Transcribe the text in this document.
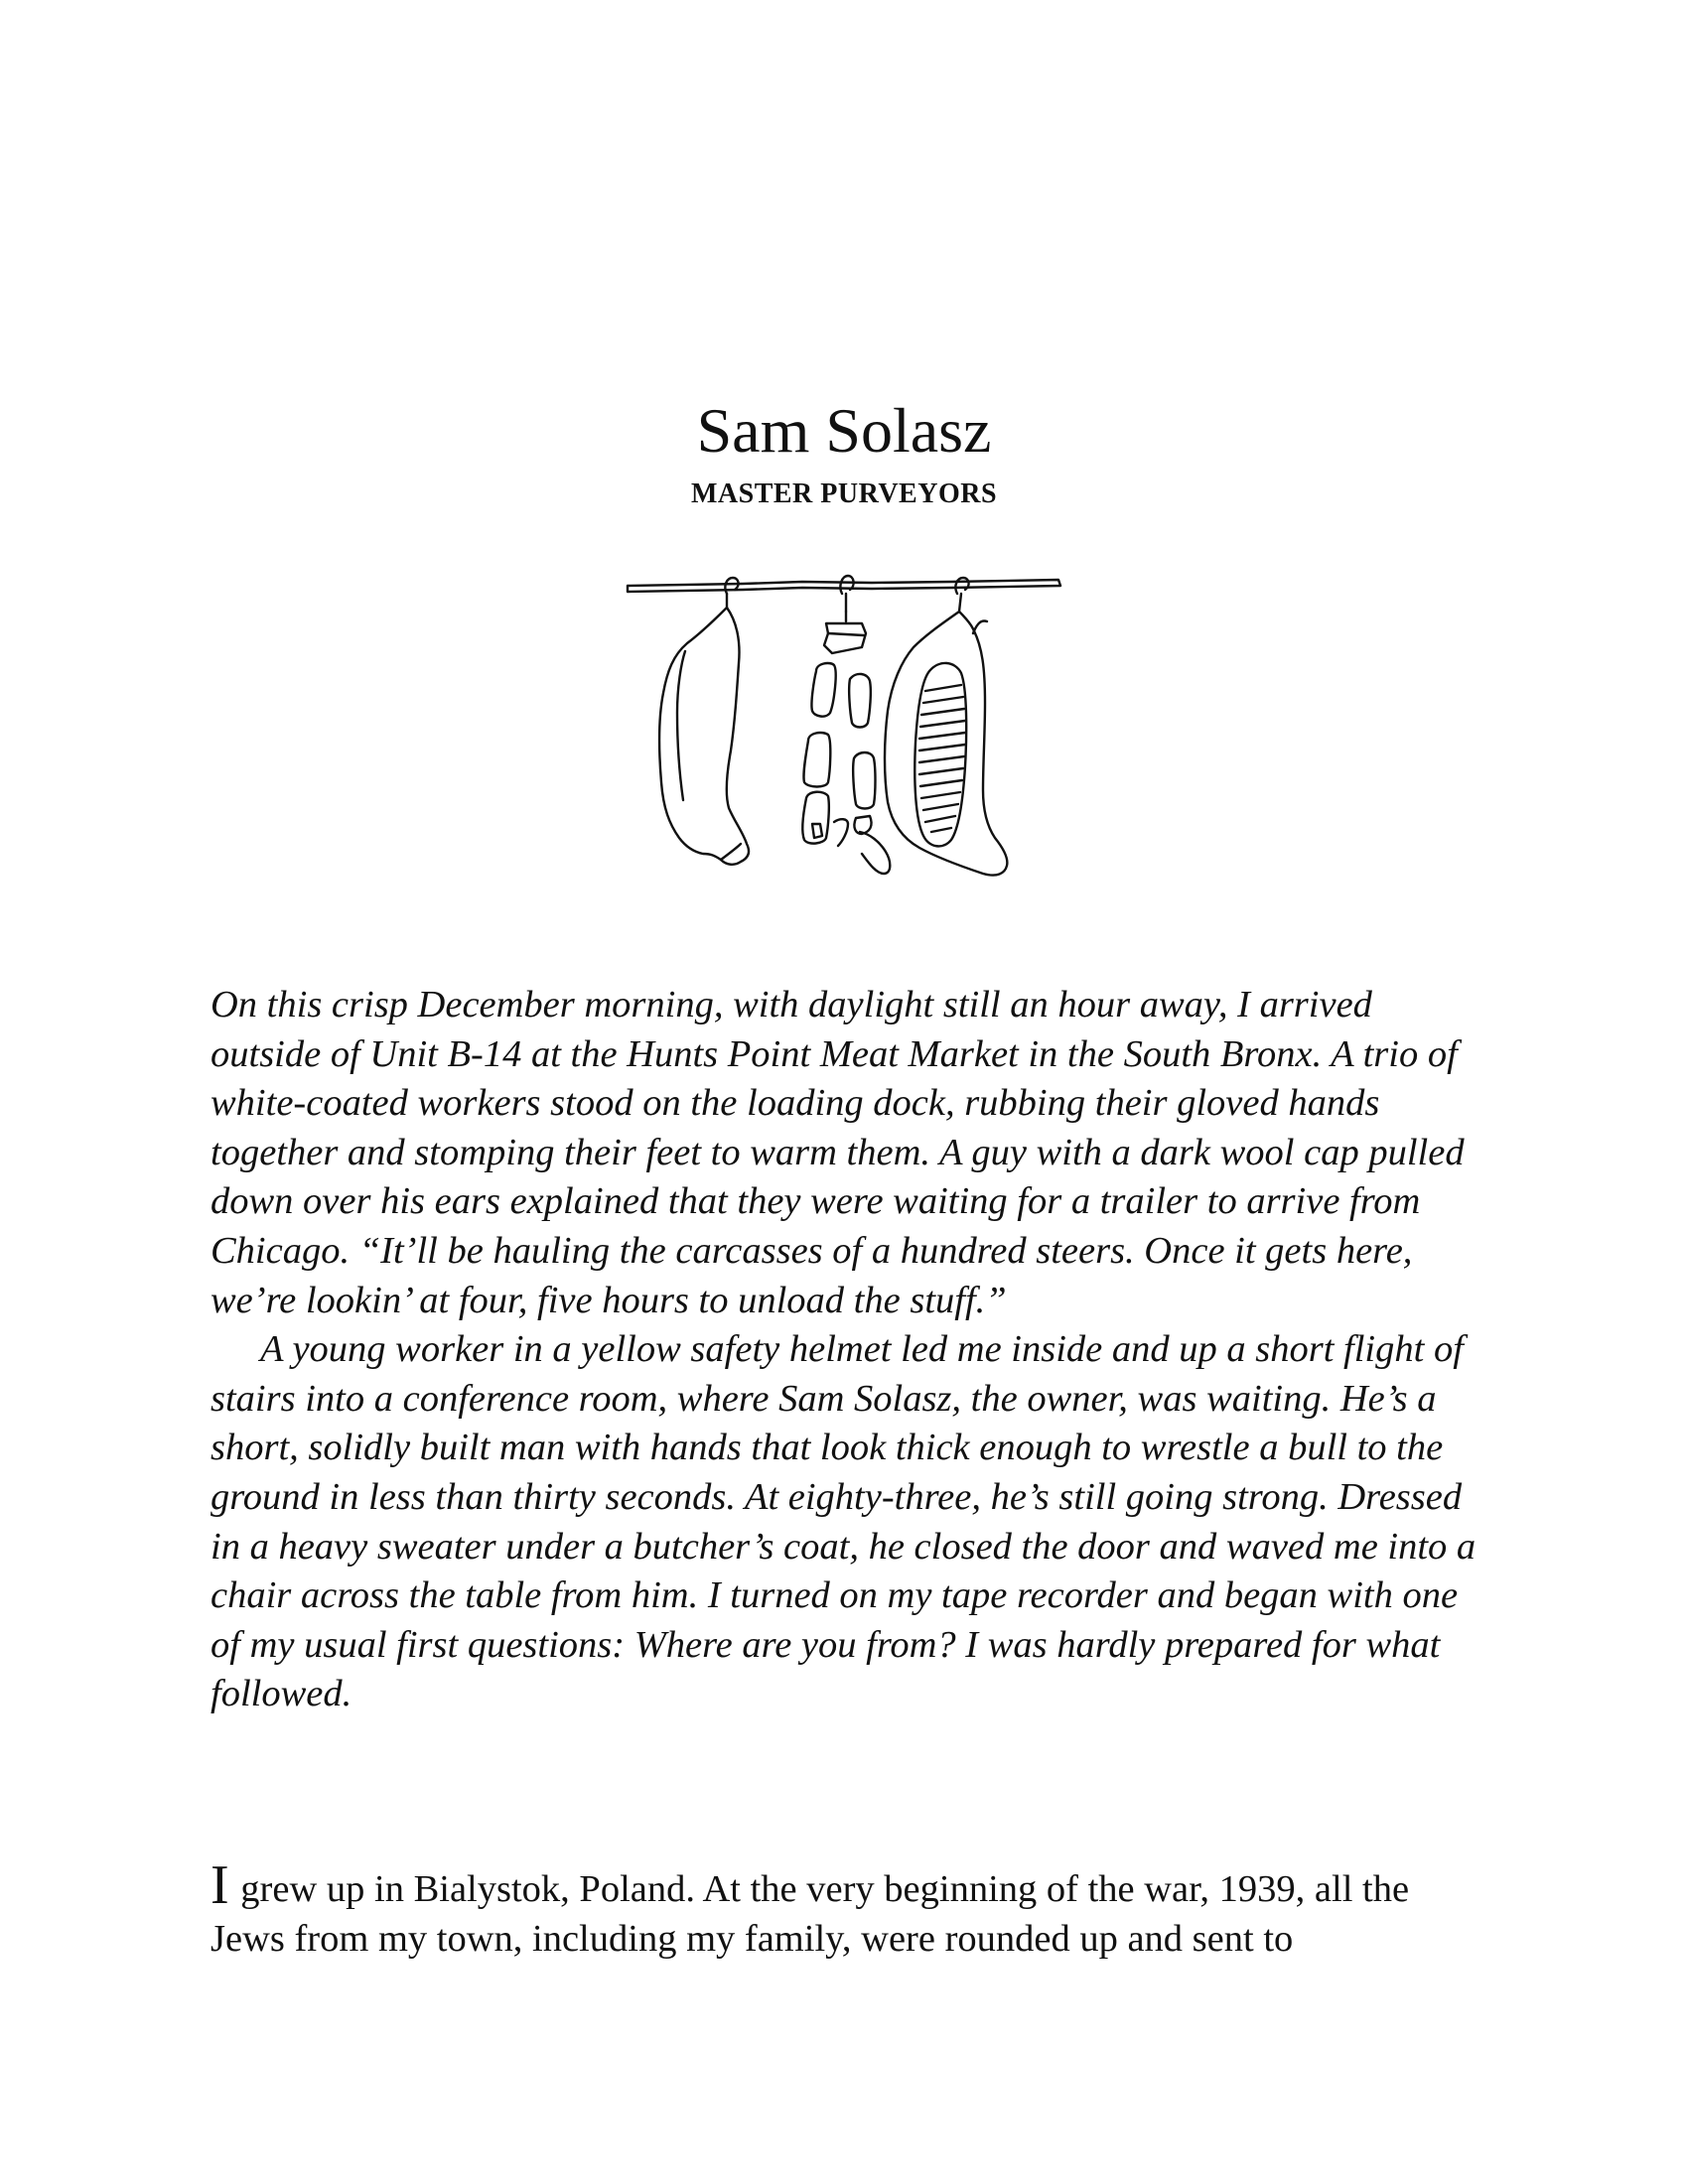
Sam Solasz
MASTER PURVEYORS

On this crisp December morning, with daylight still an hour away, I arrived outside of Unit B-14 at the Hunts Point Meat Market in the South Bronx. A trio of white-coated workers stood on the loading dock, rubbing their gloved hands together and stomping their feet to warm them. A guy with a dark wool cap pulled down over his ears explained that they were waiting for a trailer to arrive from Chicago. “It’ll be hauling the carcasses of a hundred steers. Once it gets here, we’re lookin’ at four, five hours to unload the stuff.”

A young worker in a yellow safety helmet led me inside and up a short flight of stairs into a conference room, where Sam Solasz, the owner, was waiting. He’s a short, solidly built man with hands that look thick enough to wrestle a bull to the ground in less than thirty seconds. At eighty-three, he’s still going strong. Dressed in a heavy sweater under a butcher’s coat, he closed the door and waved me into a chair across the table from him. I turned on my tape recorder and began with one of my usual first questions: Where are you from? I was hardly prepared for what followed.

I grew up in Bialystok, Poland. At the very beginning of the war, 1939, all the Jews from my town, including my family, were rounded up and sent to
